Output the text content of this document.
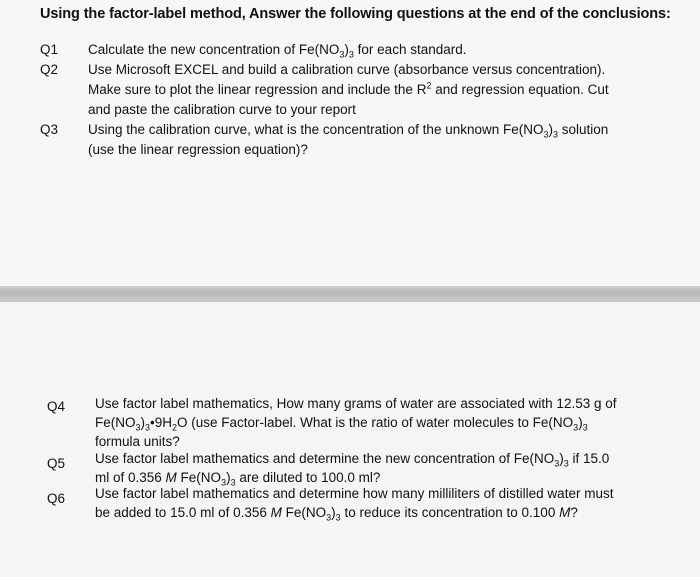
Using the factor-label method, Answer the following questions at the end of the conclusions:
Q1 Calculate the new concentration of $Fe(NO_3)_3$ for each standard.
Q2 Use Microsoft EXCEL and build a calibration curve (absorbance versus concentration).
Make sure to plot the linear regression and include the $R^2$ and regression equation. Cut
and paste the calibration curve to your report
Q3 Using the calibration curve, what is the concentration of the unknown $Fe(NO_3)_3$ solution
(use the linear regression equation)?
Q4 Use factor label mathematics, How many grams of water are associated with 12.53 g of
$Fe(NO_3)_3•9H_2O$ (use Factor-label. What is the ratio of water molecules to $Fe(NO_3)_3$
formula units?
Q5 Use factor label mathematics and determine the new concentration of $Fe(NO_3)_3$ if 15.0
ml of 0.356 M $Fe(NO_3)_3$ are diluted to 100.0 ml?
Q6 Use factor label mathematics and determine how many milliliters of distilled water must
be added to 15.0 ml of 0.356 M $Fe(NO_3)_3$ to reduce its concentration to 0.100 M?
